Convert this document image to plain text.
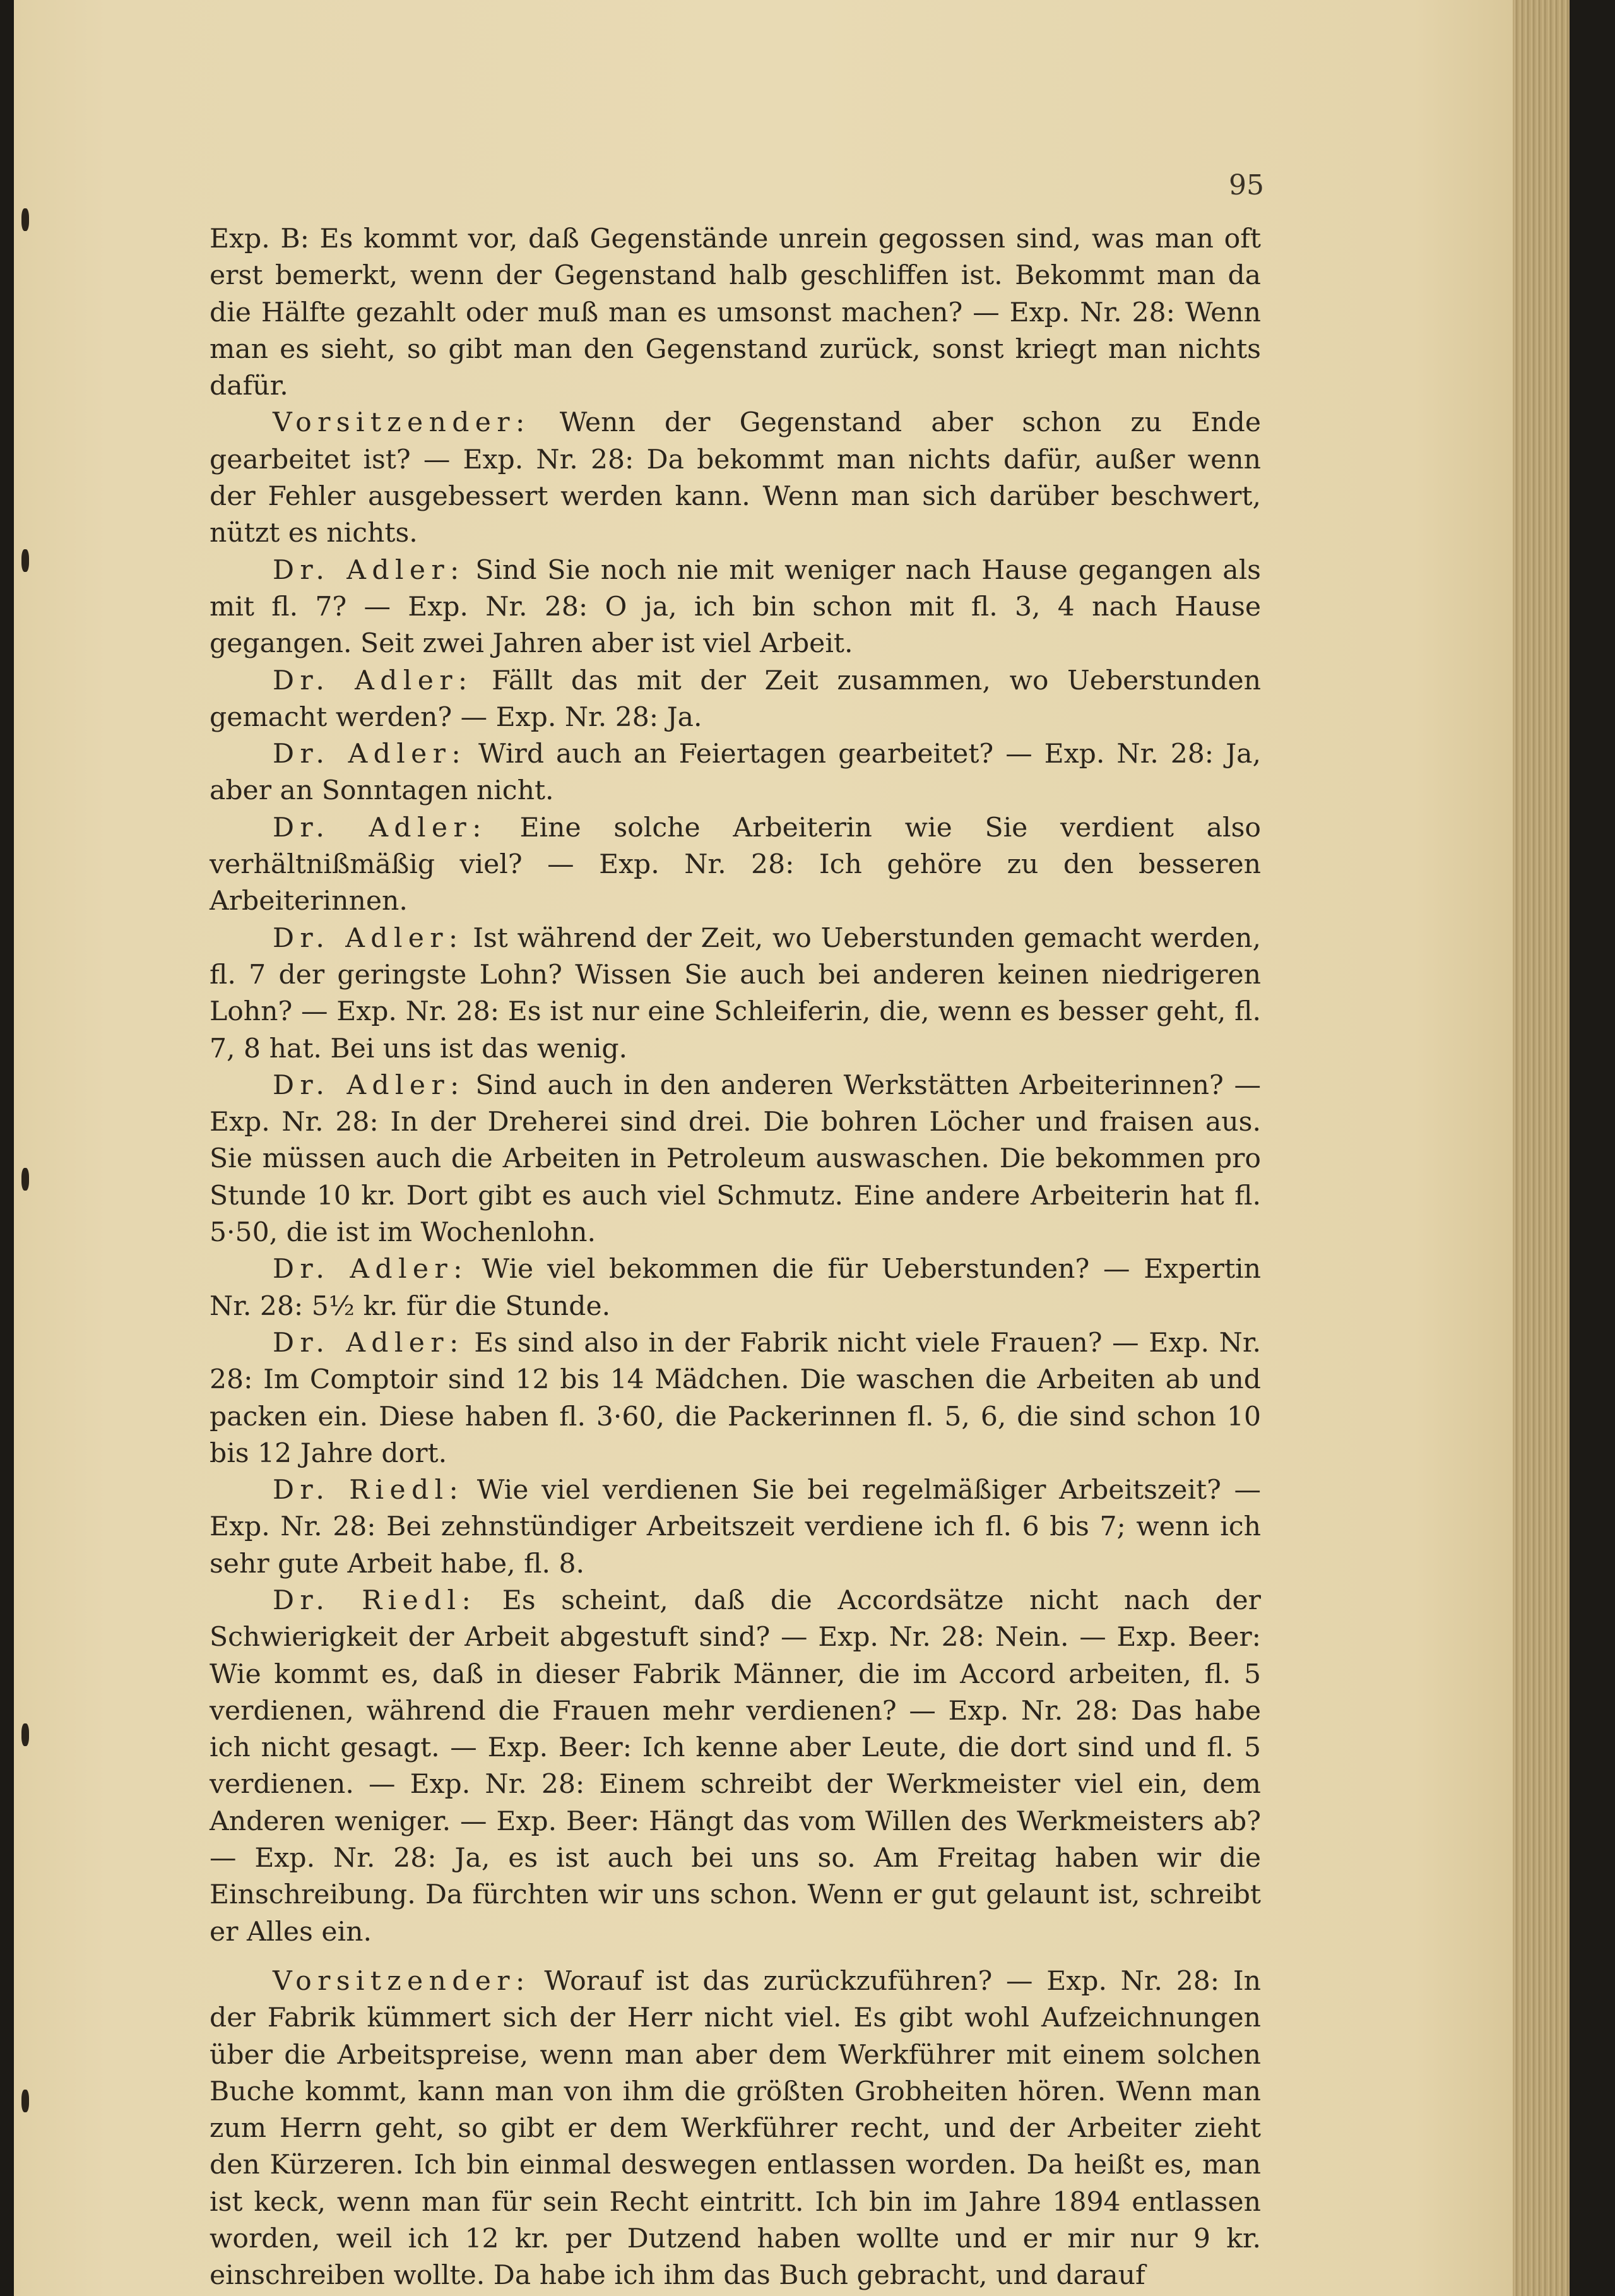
95

Exp. B: Es kommt vor, daß Gegenstände unrein gegossen sind, was man oft erst bemerkt, wenn der Gegenstand halb geschliffen ist. Bekommt man da die Hälfte gezahlt oder muß man es umsonst machen? — Exp. Nr. 28: Wenn man es sieht, so gibt man den Gegenstand zurück, sonst kriegt man nichts dafür.

Vorsitzender: Wenn der Gegenstand aber schon zu Ende gearbeitet ist? — Exp. Nr. 28: Da bekommt man nichts dafür, außer wenn der Fehler ausgebessert werden kann. Wenn man sich darüber beschwert, nützt es nichts.

Dr. Adler: Sind Sie noch nie mit weniger nach Hause gegangen als mit fl. 7? — Exp. Nr. 28: O ja, ich bin schon mit fl. 3, 4 nach Hause gegangen. Seit zwei Jahren aber ist viel Arbeit.

Dr. Adler: Fällt das mit der Zeit zusammen, wo Ueberstunden gemacht werden? — Exp. Nr. 28: Ja.

Dr. Adler: Wird auch an Feiertagen gearbeitet? — Exp. Nr. 28: Ja, aber an Sonntagen nicht.

Dr. Adler: Eine solche Arbeiterin wie Sie verdient also verhältnißmäßig viel? — Exp. Nr. 28: Ich gehöre zu den besseren Arbeiterinnen.

Dr. Adler: Ist während der Zeit, wo Ueberstunden gemacht werden, fl. 7 der geringste Lohn? Wissen Sie auch bei anderen keinen niedrigeren Lohn? — Exp. Nr. 28: Es ist nur eine Schleiferin, die, wenn es besser geht, fl. 7, 8 hat. Bei uns ist das wenig.

Dr. Adler: Sind auch in den anderen Werkstätten Arbeiterinnen? — Exp. Nr. 28: In der Dreherei sind drei. Die bohren Löcher und fraisen aus. Sie müssen auch die Arbeiten in Petroleum auswaschen. Die bekommen pro Stunde 10 kr. Dort gibt es auch viel Schmutz. Eine andere Arbeiterin hat fl. 5·50, die ist im Wochenlohn.

Dr. Adler: Wie viel bekommen die für Ueberstunden? — Expertin Nr. 28: 5½ kr. für die Stunde.

Dr. Adler: Es sind also in der Fabrik nicht viele Frauen? — Exp. Nr. 28: Im Comptoir sind 12 bis 14 Mädchen. Die waschen die Arbeiten ab und packen ein. Diese haben fl. 3·60, die Packerinnen fl. 5, 6, die sind schon 10 bis 12 Jahre dort.

Dr. Riedl: Wie viel verdienen Sie bei regelmäßiger Arbeitszeit? — Exp. Nr. 28: Bei zehnstündiger Arbeitszeit verdiene ich fl. 6 bis 7; wenn ich sehr gute Arbeit habe, fl. 8.

Dr. Riedl: Es scheint, daß die Accordsätze nicht nach der Schwierigkeit der Arbeit abgestuft sind? — Exp. Nr. 28: Nein. — Exp. Beer: Wie kommt es, daß in dieser Fabrik Männer, die im Accord arbeiten, fl. 5 verdienen, während die Frauen mehr verdienen? — Exp. Nr. 28: Das habe ich nicht gesagt. — Exp. Beer: Ich kenne aber Leute, die dort sind und fl. 5 verdienen. — Exp. Nr. 28: Einem schreibt der Werkmeister viel ein, dem Anderen weniger. — Exp. Beer: Hängt das vom Willen des Werkmeisters ab? — Exp. Nr. 28: Ja, es ist auch bei uns so. Am Freitag haben wir die Einschreibung. Da fürchten wir uns schon. Wenn er gut gelaunt ist, schreibt er Alles ein.

Vorsitzender: Worauf ist das zurückzuführen? — Exp. Nr. 28: In der Fabrik kümmert sich der Herr nicht viel. Es gibt wohl Aufzeichnungen über die Arbeitspreise, wenn man aber dem Werkführer mit einem solchen Buche kommt, kann man von ihm die größten Grobheiten hören. Wenn man zum Herrn geht, so gibt er dem Werkführer recht, und der Arbeiter zieht den Kürzeren. Ich bin einmal deswegen entlassen worden. Da heißt es, man ist keck, wenn man für sein Recht eintritt. Ich bin im Jahre 1894 entlassen worden, weil ich 12 kr. per Dutzend haben wollte und er mir nur 9 kr. einschreiben wollte. Da habe ich ihm das Buch gebracht, und darauf
